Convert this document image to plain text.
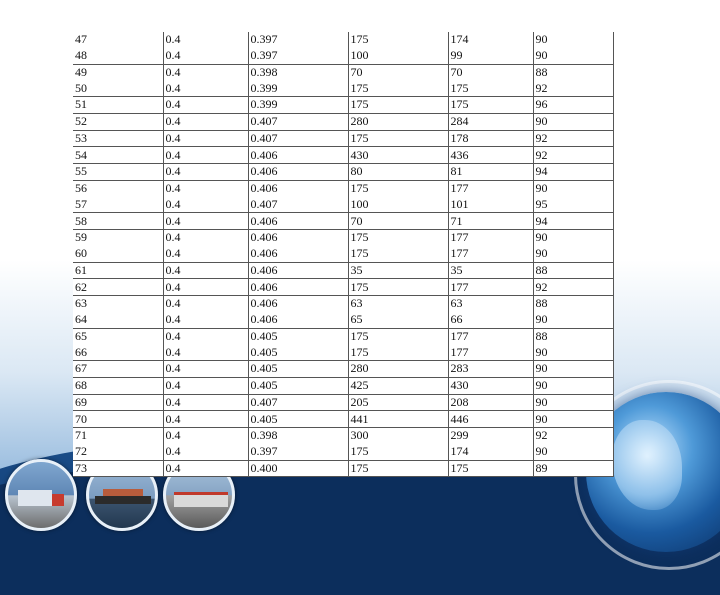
47	0.4	0.397	175	174	90
48	0.4	0.397	100	99	90
49	0.4	0.398	70	70	88
50	0.4	0.399	175	175	92
51	0.4	0.399	175	175	96
52	0.4	0.407	280	284	90
53	0.4	0.407	175	178	92
54	0.4	0.406	430	436	92
55	0.4	0.406	80	81	94
56	0.4	0.406	175	177	90
57	0.4	0.407	100	101	95
58	0.4	0.406	70	71	94
59	0.4	0.406	175	177	90
60	0.4	0.406	175	177	90
61	0.4	0.406	35	35	88
62	0.4	0.406	175	177	92
63	0.4	0.406	63	63	88
64	0.4	0.406	65	66	90
65	0.4	0.405	175	177	88
66	0.4	0.405	175	177	90
67	0.4	0.405	280	283	90
68	0.4	0.405	425	430	90
69	0.4	0.407	205	208	90
70	0.4	0.405	441	446	90
71	0.4	0.398	300	299	92
72	0.4	0.397	175	174	90
73	0.4	0.400	175	175	89
